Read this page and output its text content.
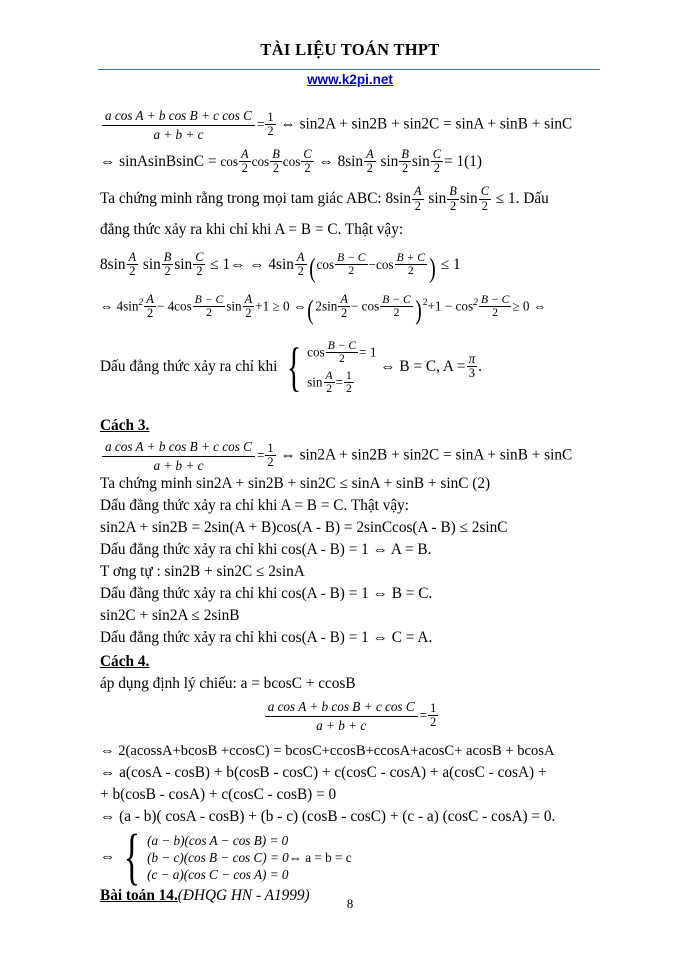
TÀI LIỆU TOÁN THPT
www.k2pi.net
$\frac{\text{a cos A + b cos B + c cos C}}{a + b + c} = \frac{1}{2}$ ⇔ sin2A + sin2B + sin2C = sinA + sinB + sinC
⇔ sinAsinBsinC = $\cos \frac{A}{2}$ $\cos \frac{B}{2}$ $\cos \frac{C}{2}$ ⇔ $8\sin \frac{A}{2}$ $\sin \frac{B}{2}$ $\sin \frac{C}{2} = 1(1)$
Ta chứng minh rằng trong mọi tam giác ABC: $8\sin \frac{A}{2}$ $\sin \frac{B}{2}$ $\sin \frac{C}{2} \le 1$. Dấu
đẳng thức xảy ra khi chỉ khi A = B = C. Thật vậy:
$8\sin \frac{A}{2}$ $\sin \frac{B}{2}$ $\sin \frac{C}{2}$ ≤ 1⇔ ⇔ $4\sin \frac{A}{2} (\cos \frac{B - C}{2} -\cos \frac{B + C}{2}$ ) ≤ 1
⇔ $4\sin^2 \frac{A}{2} - 4\cos \frac{B - C}{2}$ $\sin \frac{A}{2} +1 \ge 0$ ⇔(2sin $\frac{A}{2} - \cos \frac{B - C}{2} )^2+1 - \cos^2 \frac{B - C}{2} \ge 0$ ⇔
Dấu đẳng thức xảy ra chỉ khi { $\cos \frac{B - C}{2} = 1$
$\sin \frac{A}{2} = \frac{1}{2}$
⇔ B = C, $A = \frac{\pi}{3}$ .
Cách 3.
$\frac{\text{a cos A + b cos B + c cos C}}{a + b + c} = \frac{1}{2}$ ⇔ sin2A + sin2B + sin2C = sinA + sinB + sinC
Ta chứng minh sin2A + sin2B + sin2C ≤ sinA + sinB + sinC (2)
Dấu đẳng thức xảy ra chỉ khi A = B = C. Thật vậy:
sin2A + sin2B = 2sin(A + B)cos(A - B) = 2sinCcos(A - B) ≤ 2sinC
Dấu đẳng thức xảy ra chỉ khi cos(A - B) = 1 ⇔ A = B.
T ơng tự : sin2B + sin2C ≤ 2sinA
Dấu đẳng thức xảy ra chỉ khi cos(A - B) = 1 ⇔ B = C.
sin2C + sin2A ≤ 2sinB
Dấu đẳng thức xảy ra chỉ khi cos(A - B) = 1 ⇔ C = A.
Cách 4.
áp dụng định lý chiếu: a = bcosC + ccosB
$\frac{\text{a cos A + b cos B + c cos C}}{a + b + c} = \frac{1}{2}$
⇔ 2(acossA+bcosB +ccosC) = bcosC+ccosB+ccosA+acosC+ acosB + bcosA
⇔ a(cosA - cosB) + b(cosB - cosC) + c(cosC - cosA) + a(cosC - cosA) +
+ b(cosB - cosA) + c(cosC - cosB) = 0
⇔ (a - b)( cosA - cosB) + (b - c) (cosB - cosC) + (c - a) (cosC - cosA) = 0.
⇔ { (a − b)(cos A − cos B) = 0
(b − c)(cos B − cos C) = 0⇔ a = b = c
(c − a)(cos C − cos A) = 0
Bài toán 14.(ĐHQG HN - A1999)	8
